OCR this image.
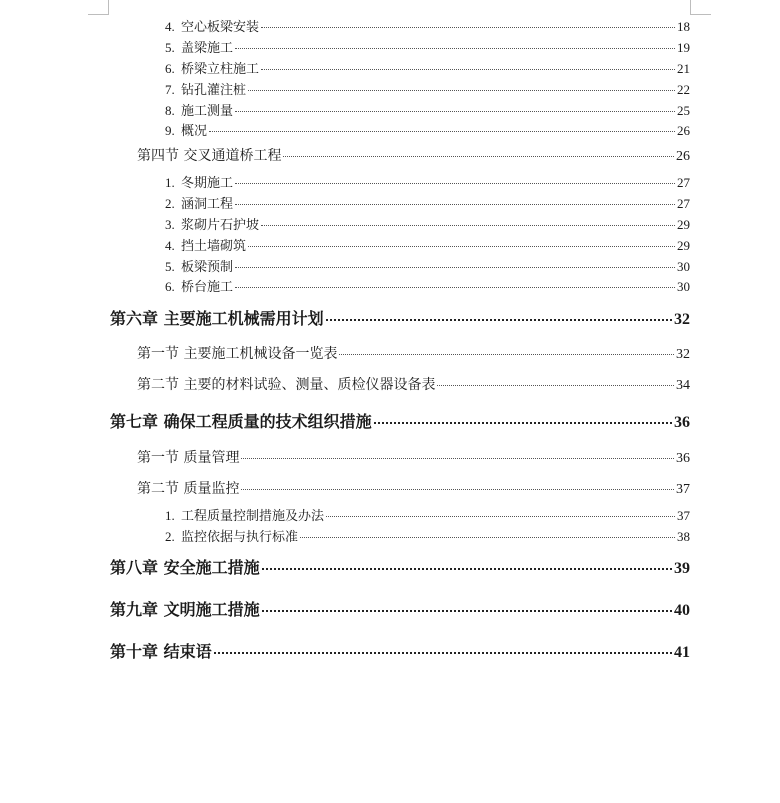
4. 空心板梁安装	18
5. 盖梁施工	19
6. 桥梁立柱施工	21
7. 钻孔灌注桩	22
8. 施工测量	25
9. 概况	26
第四节 交叉通道桥工程	26
1. 冬期施工	27
2. 涵洞工程	27
3. 浆砌片石护坡	29
4. 挡土墙砌筑	29
5. 板梁预制	30
6. 桥台施工	30
第六章 主要施工机械需用计划	32
第一节 主要施工机械设备一览表	32
第二节 主要的材料试验、测量、质检仪器设备表	34
第七章 确保工程质量的技术组织措施	36
第一节 质量管理	36
第二节 质量监控	37
1. 工程质量控制措施及办法	37
2. 监控依据与执行标准	38
第八章 安全施工措施	39
第九章 文明施工措施	40
第十章 结束语	41
